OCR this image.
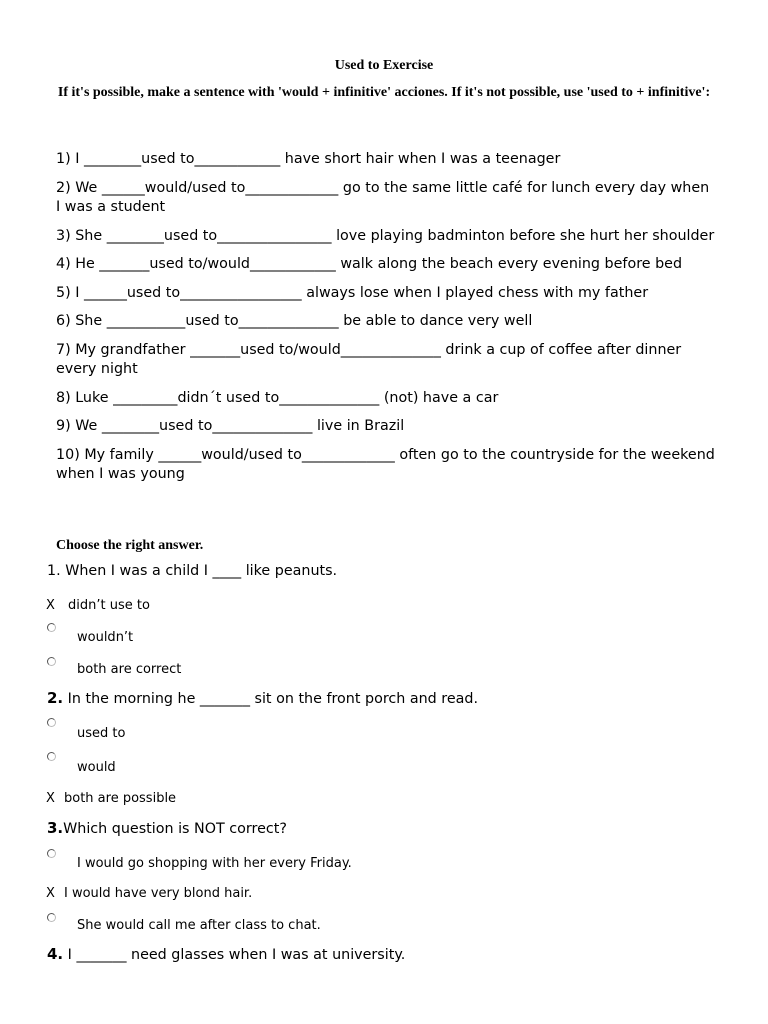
Used to Exercise
If it's possible, make a sentence with 'would + infinitive' acciones. If it's not possible, use 'used to + infinitive':
1) I ________used to____________ have short hair when I was a teenager
2) We ______would/used to_____________ go to the same little café for lunch every day when I was a student
3) She ________used to________________ love playing badminton before she hurt her shoulder
4) He _______used to/would____________ walk along the beach every evening before bed
5) I ______used to_________________ always lose when I played chess with my father
6) She ___________used to______________ be able to dance very well
7) My grandfather _______used to/would______________ drink a cup of coffee after dinner every night
8) Luke _________didn´t used to______________ (not) have a car
9) We ________used to______________ live in Brazil
10) My family ______would/used to_____________ often go to the countryside for the weekend when I was young
Choose the right answer.
1. When I was a child I ____ like peanuts.
X didn’t use to
wouldn’t
both are correct
2. In the morning he _______ sit on the front porch and read.
used to
would
X both are possible
3.Which question is NOT correct?
I would go shopping with her every Friday.
X I would have very blond hair.
She would call me after class to chat.
4. I _______ need glasses when I was at university.
